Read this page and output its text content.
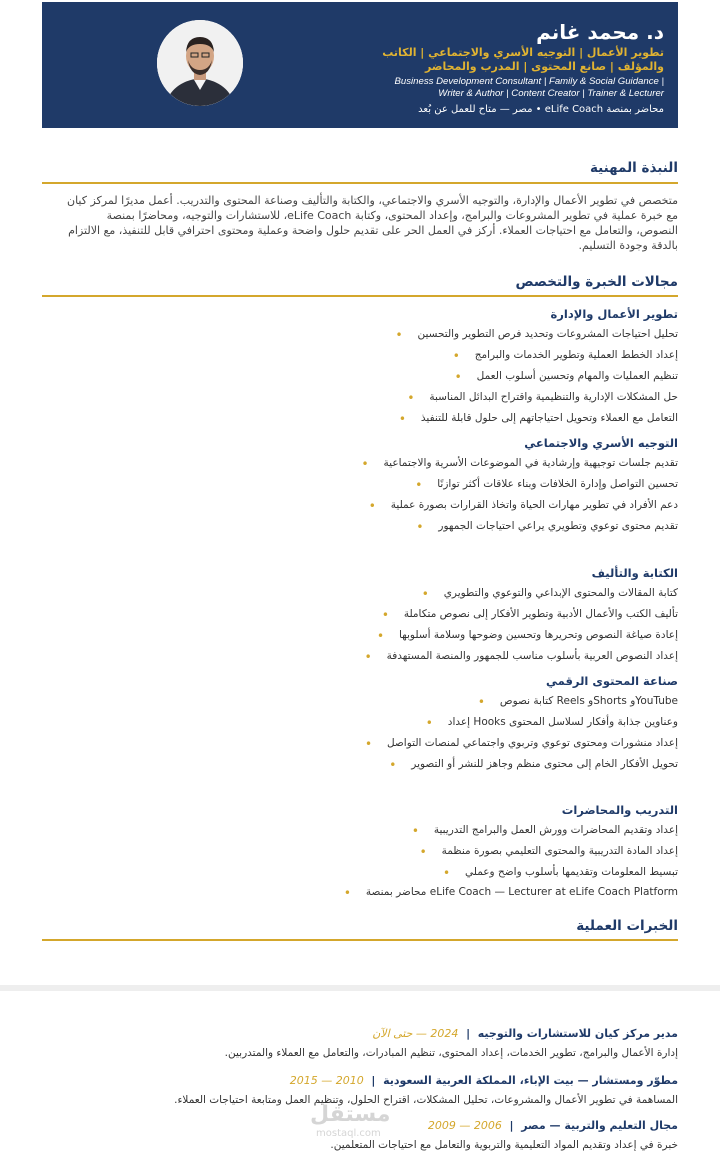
د. محمد غانم
تطوير الأعمال | التوجيه الأسري والاجتماعي | الكاتب
والمؤلف | صانع المحتوى | المدرب والمحاضر
Business Development Consultant | Family & Social Guidance |
Writer & Author | Content Creator | Trainer & Lecturer
مصر — متاح للعمل عن بُعد • eLife Coach محاضر بمنصة
النبذة المهنية
متخصص في تطوير الأعمال والإدارة، والتوجيه الأسري والاجتماعي، والكتابة والتأليف وصناعة المحتوى والتدريب. أعمل مديرًا لمركز كيان
مع خبرة عملية في تطوير المشروعات والبرامج، وإعداد المحتوى، وكتابة eLife Coach، للاستشارات والتوجيه، ومحاضرًا بمنصة
النصوص، والتعامل مع احتياجات العملاء. أركز في العمل الحر على تقديم حلول واضحة وعملية ومحتوى احترافي قابل للتنفيذ، مع الالتزام
بالدقة وجودة التسليم.
مجالات الخبرة والتخصص
تطوير الأعمال والإدارة
تحليل احتياجات المشروعات وتحديد فرص التطوير والتحسين
•
إعداد الخطط العملية وتطوير الخدمات والبرامج
•
تنظيم العمليات والمهام وتحسين أسلوب العمل
•
حل المشكلات الإدارية والتنظيمية واقتراح البدائل المناسبة
•
التعامل مع العملاء وتحويل احتياجاتهم إلى حلول قابلة للتنفيذ
•
التوجيه الأسري والاجتماعي
تقديم جلسات توجيهية وإرشادية في الموضوعات الأسرية والاجتماعية
•
تحسين التواصل وإدارة الخلافات وبناء علاقات أكثر توازنًا
•
دعم الأفراد في تطوير مهارات الحياة واتخاذ القرارات بصورة عملية
•
تقديم محتوى توعوي وتطويري يراعي احتياجات الجمهور
•
الكتابة والتأليف
كتابة المقالات والمحتوى الإبداعي والتوعوي والتطويري
•
تأليف الكتب والأعمال الأدبية وتطوير الأفكار إلى نصوص متكاملة
•
إعادة صياغة النصوص وتحريرها وتحسين وضوحها وسلامة أسلوبها
•
إعداد النصوص العربية بأسلوب مناسب للجمهور والمنصة المستهدفة
•
صناعة المحتوى الرقمي
YouTubeو Shortsو Reels كتابة نصوص
•
وعناوين جذابة وأفكار لسلاسل المحتوى Hooks إعداد
•
إعداد منشورات ومحتوى توعوي وتربوي واجتماعي لمنصات التواصل
•
تحويل الأفكار الخام إلى محتوى منظم وجاهز للنشر أو التصوير
•
التدريب والمحاضرات
إعداد وتقديم المحاضرات وورش العمل والبرامج التدريبية
•
إعداد المادة التدريبية والمحتوى التعليمي بصورة منظمة
•
تبسيط المعلومات وتقديمها بأسلوب واضح وعملي
•
eLife Coach — Lecturer at eLife Coach Platform محاضر بمنصة
•
الخبرات العملية
مدير مركز كيان للاستشارات والتوجيه  |  2024 — حتى الآن
إدارة الأعمال والبرامج، تطوير الخدمات، إعداد المحتوى، تنظيم المبادرات، والتعامل مع العملاء والمتدربين.
مطوّر ومستشار — بيت الإباء، المملكة العربية السعودية  |  2010 — 2015
المساهمة في تطوير الأعمال والمشروعات، تحليل المشكلات، اقتراح الحلول، وتنظيم العمل ومتابعة احتياجات العملاء.
مجال التعليم والتربية — مصر  |  2006 — 2009
خبرة في إعداد وتقديم المواد التعليمية والتربوية والتعامل مع احتياجات المتعلمين.
مستقل
mostaql.com
